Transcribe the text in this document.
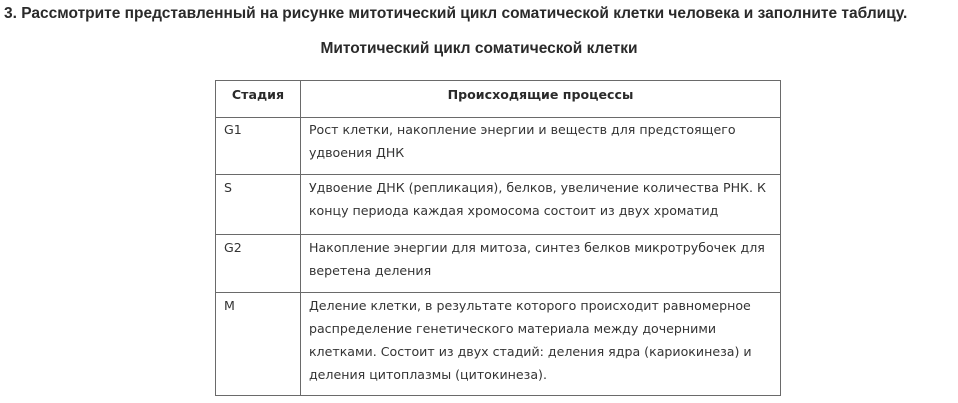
3. Рассмотрите представленный на рисунке митотический цикл соматической клетки человека и заполните таблицу.
Митотический цикл соматической клетки
Стадия	Происходящие процессы
G1	Рост клетки, накопление энергии и веществ для предстоящего удвоения ДНК
S	Удвоение ДНК (репликация), белков, увеличение количества РНК. К концу периода каждая хромосома состоит из двух хроматид
G2	Накопление энергии для митоза, синтез белков микротрубочек для веретена деления
M	Деление клетки, в результате которого происходит равномерное распределение генетического материала между дочерними клетками. Состоит из двух стадий: деления ядра (кариокинеза) и деления цитоплазмы (цитокинеза).
